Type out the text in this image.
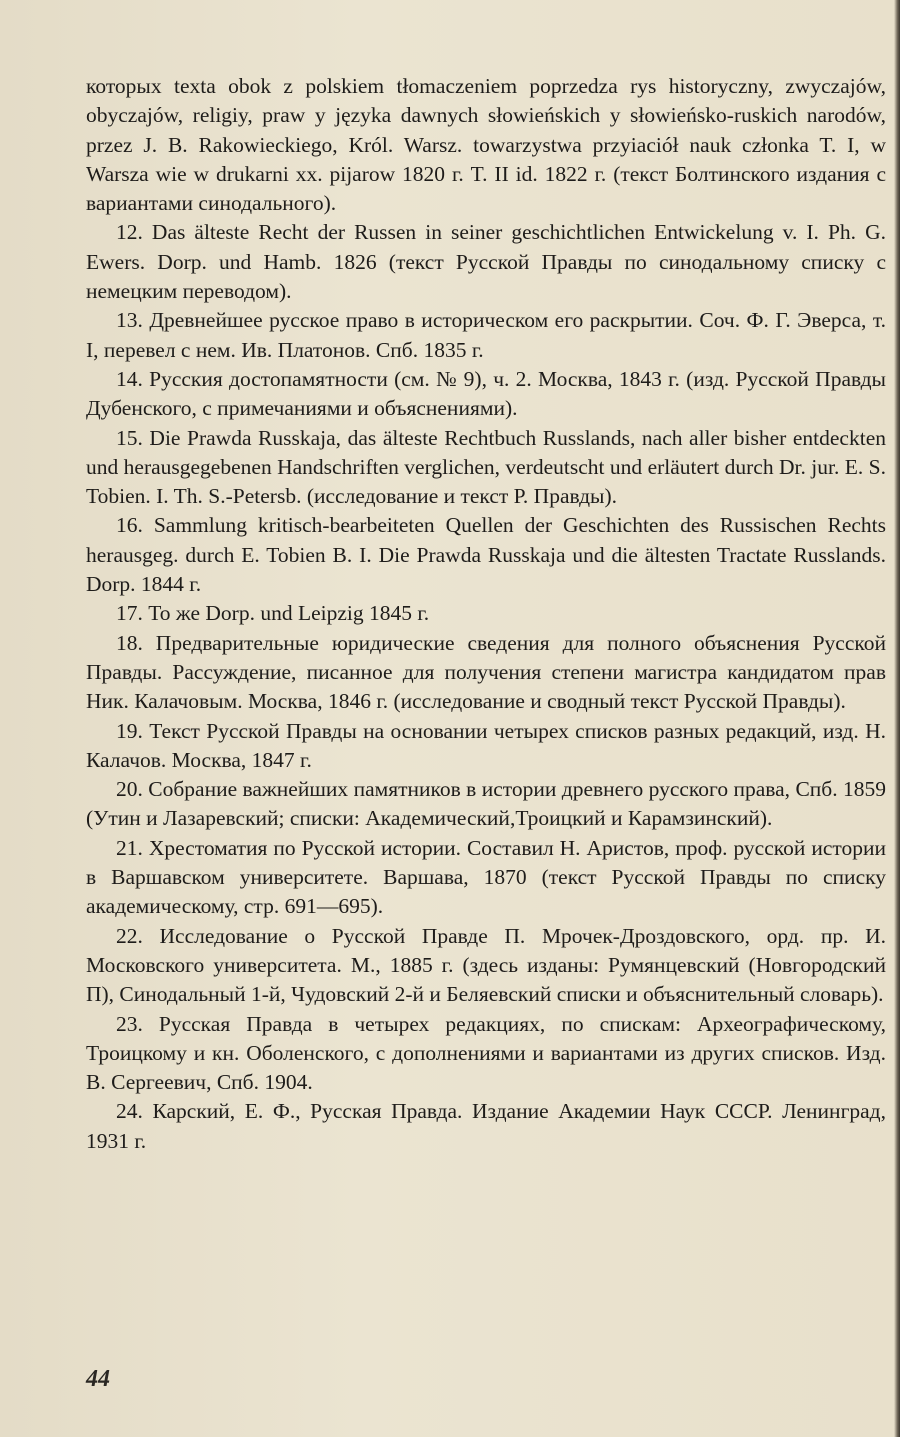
которых texta obok z polskiem tłomaczeniem poprzedza rys historyczny, zwyczajów, obyczajów, religiy, praw y języka dawnych słowieńskich y słowieńsko-ruskich narodów, przez J. B. Rakowieckiego, Król. Warsz. towarzystwa przyiaciół nauk członka T. I, w Warsza wie w drukarni xx. pijarow 1820 г. T. II id. 1822 г. (текст Болтинского издания с вариантами синодального).

12. Das älteste Recht der Russen in seiner geschichtlichen Entwickelung v. I. Ph. G. Ewers. Dorp. und Hamb. 1826 (текст Русской Правды по синодальному списку с немецким переводом).

13. Древнейшее русское право в историческом его раскрытии. Соч. Ф. Г. Эверса, т. I, перевел с нем. Ив. Платонов. Спб. 1835 г.

14. Русския достопамятности (см. № 9), ч. 2. Москва, 1843 г. (изд. Русской Правды Дубенского, с примечаниями и объяснениями).

15. Die Prawda Russkaja, das älteste Rechtbuch Russlands, nach aller bisher entdeckten und herausgegebenen Handschriften verglichen, verdeutscht und erläutert durch Dr. jur. E. S. Tobien. I. Th. S.-Petersb. (исследование и текст Р. Правды).

16. Sammlung kritisch-bearbeiteten Quellen der Geschichten des Russischen Rechts herausgeg. durch E. Tobien B. I. Die Prawda Russkaja und die ältesten Tractate Russlands. Dorp. 1844 г.

17. То же Dorp. und Leipzig 1845 г.

18. Предварительные юридические сведения для полного объяснения Русской Правды. Рассуждение, писанное для получения степени магистра кандидатом прав Ник. Калачовым. Москва, 1846 г. (исследование и сводный текст Русской Правды).

19. Текст Русской Правды на основании четырех списков разных редакций, изд. Н. Калачов. Москва, 1847 г.

20. Собрание важнейших памятников в истории древнего русского права, Спб. 1859 (Утин и Лазаревский; списки: Академический,Троицкий и Карамзинский).

21. Хрестоматия по Русской истории. Составил Н. Аристов, проф. русской истории в Варшавском университете. Варшава, 1870 (текст Русской Правды по списку академическому, стр. 691—695).

22. Исследование о Русской Правде П. Мрочек-Дроздовского, орд. пр. И. Московского университета. М., 1885 г. (здесь изданы: Румянцевский (Новгородский П), Синодальный 1-й, Чудовский 2-й и Беляевский списки и объяснительный словарь).

23. Русская Правда в четырех редакциях, по спискам: Археографическому, Троицкому и кн. Оболенского, с дополнениями и вариантами из других списков. Изд. В. Сергеевич, Спб. 1904.

24. Карский, Е. Ф., Русская Правда. Издание Академии Наук СССР. Ленинград, 1931 г.

44
